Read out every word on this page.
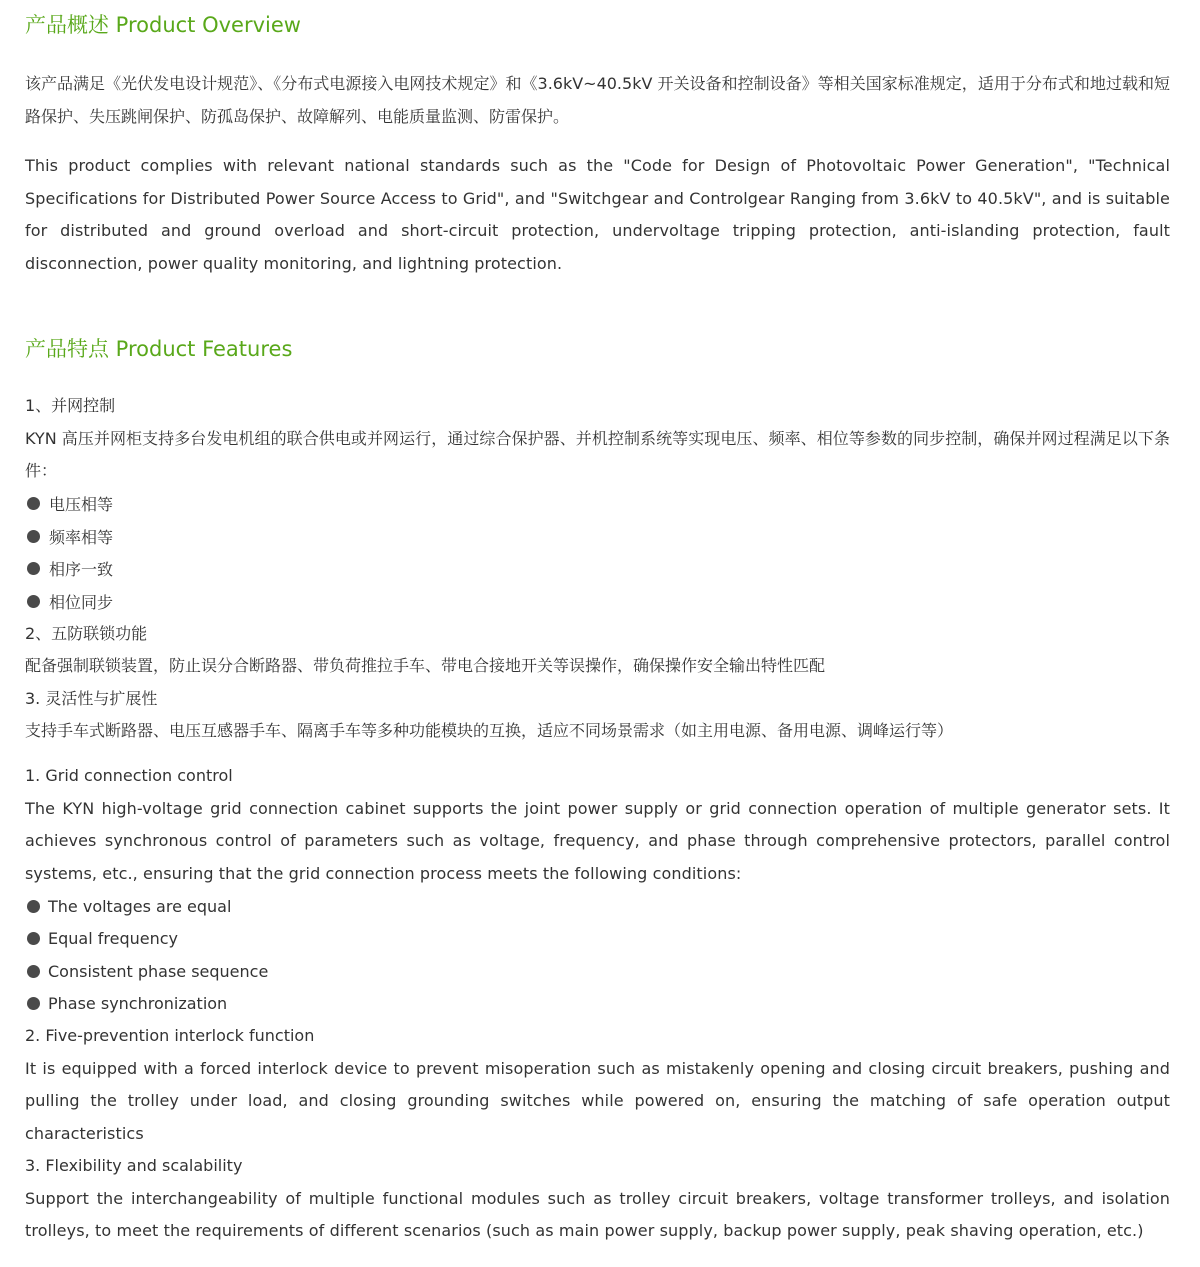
产品概述 Product Overview

该产品满足《光伏发电设计规范》、《分布式电源接入电网技术规定》和《3.6kV~40.5kV 开关设备和控制设备》等相关国家标准规定，适用于分布式和地过载和短路保护、失压跳闸保护、防孤岛保护、故障解列、电能质量监测、防雷保护。

This product complies with relevant national standards such as the "Code for Design of Photovoltaic Power Generation", "Technical Specifications for Distributed Power Source Access to Grid", and "Switchgear and Controlgear Ranging from 3.6kV to 40.5kV", and is suitable for distributed and ground overload and short-circuit protection, undervoltage tripping protection, anti-islanding protection, fault disconnection, power quality monitoring, and lightning protection.

产品特点 Product Features

1、并网控制

KYN 高压并网柜支持多台发电机组的联合供电或并网运行，通过综合保护器、并机控制系统等实现电压、频率、相位等参数的同步控制，确保并网过程满足以下条件：

电压相等
频率相等
相序一致
相位同步

2、五防联锁功能

配备强制联锁装置，防止误分合断路器、带负荷推拉手车、带电合接地开关等误操作，确保操作安全输出特性匹配

3. 灵活性与扩展性

支持手车式断路器、电压互感器手车、隔离手车等多种功能模块的互换，适应不同场景需求（如主用电源、备用电源、调峰运行等）

1. Grid connection control

The KYN high-voltage grid connection cabinet supports the joint power supply or grid connection operation of multiple generator sets. It achieves synchronous control of parameters such as voltage, frequency, and phase through comprehensive protectors, parallel control systems, etc., ensuring that the grid connection process meets the following conditions:

The voltages are equal
Equal frequency
Consistent phase sequence
Phase synchronization

2. Five-prevention interlock function

It is equipped with a forced interlock device to prevent misoperation such as mistakenly opening and closing circuit breakers, pushing and pulling the trolley under load, and closing grounding switches while powered on, ensuring the matching of safe operation output characteristics

3. Flexibility and scalability

Support the interchangeability of multiple functional modules such as trolley circuit breakers, voltage transformer trolleys, and isolation trolleys, to meet the requirements of different scenarios (such as main power supply, backup power supply, peak shaving operation, etc.)
